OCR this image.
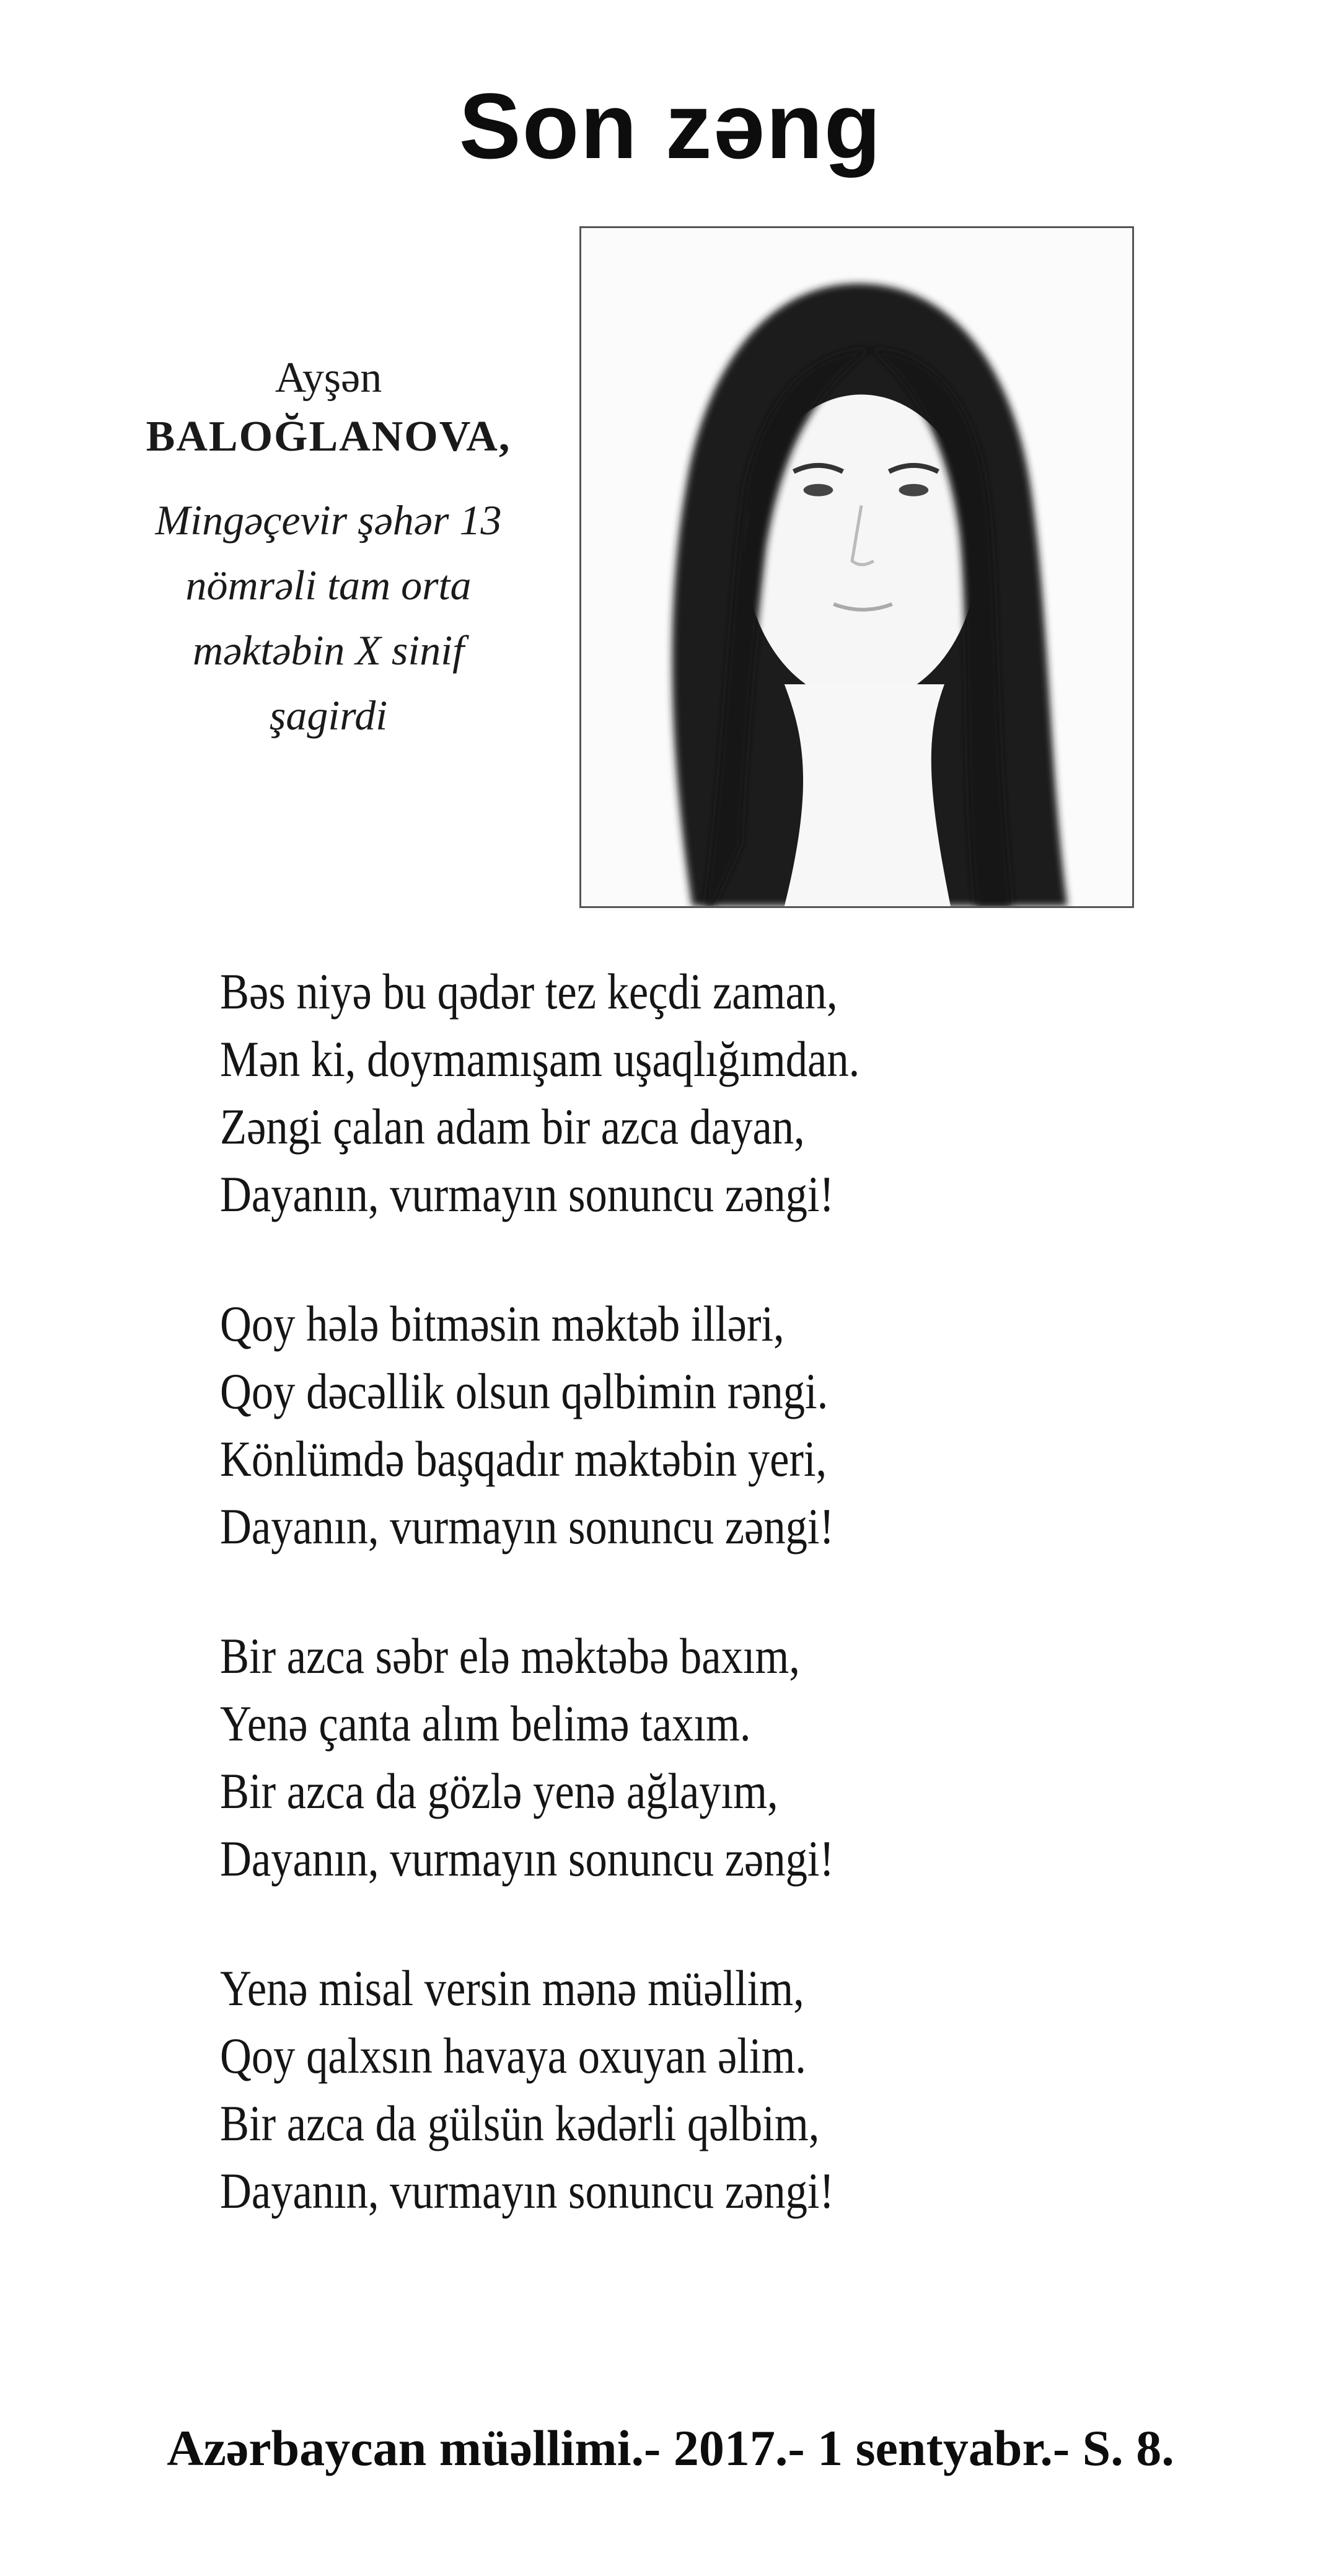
Son zəng
Ayşən
BALOĞLANOVA,
Mingəçevir şəhər 13
nömrəli tam orta
məktəbin X sinif
şagirdi
Bəs niyə bu qədər tez keçdi zaman,
Mən ki, doymamışam uşaqlığımdan.
Zəngi çalan adam bir azca dayan,
Dayanın, vurmayın sonuncu zəngi!
Qoy hələ bitməsin məktəb illəri,
Qoy dəcəllik olsun qəlbimin rəngi.
Könlümdə başqadır məktəbin yeri,
Dayanın, vurmayın sonuncu zəngi!
Bir azca səbr elə məktəbə baxım,
Yenə çanta alım belimə taxım.
Bir azca da gözlə yenə ağlayım,
Dayanın, vurmayın sonuncu zəngi!
Yenə misal versin mənə müəllim,
Qoy qalxsın havaya oxuyan əlim.
Bir azca da gülsün kədərli qəlbim,
Dayanın, vurmayın sonuncu zəngi!
Azərbaycan müəllimi.- 2017.- 1 sentyabr.- S. 8.
